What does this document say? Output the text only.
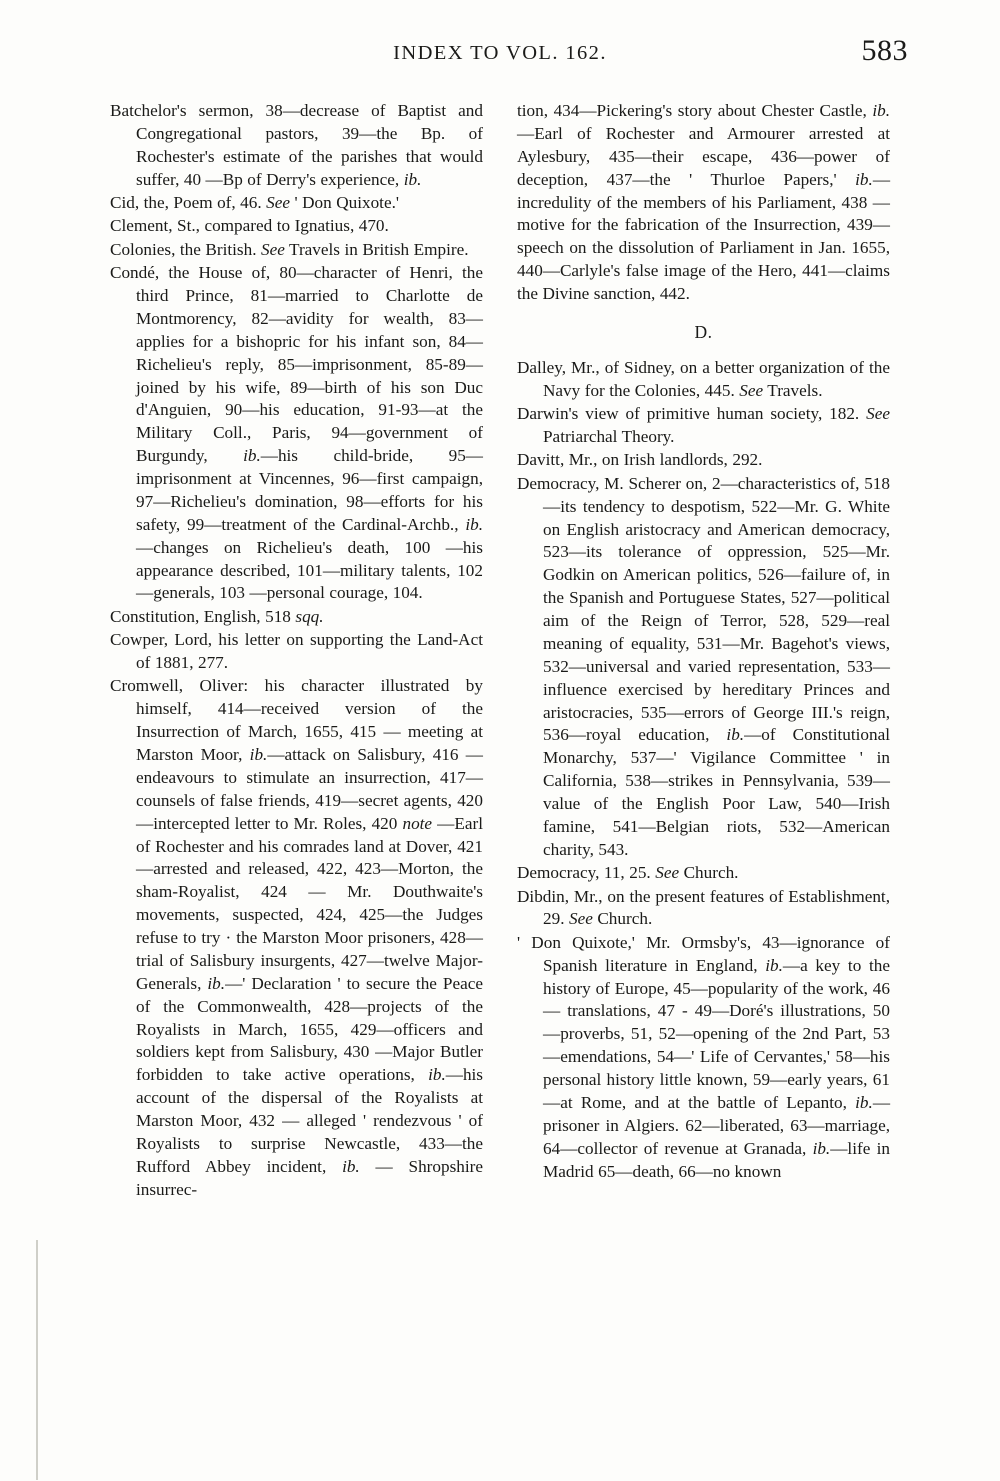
INDEX TO VOL. 162.	583

Batchelor's sermon, 38—decrease of Baptist and Congregational pastors, 39—the Bp. of Rochester's estimate of the parishes that would suffer, 40 —Bp of Derry's experience, ib.

Cid, the, Poem of, 46. See ' Don Quixote.'

Clement, St., compared to Ignatius, 470.

Colonies, the British. See Travels in British Empire.

Condé, the House of, 80—character of Henri, the third Prince, 81—married to Charlotte de Montmorency, 82—avidity for wealth, 83—applies for a bishopric for his infant son, 84—Richelieu's reply, 85—imprisonment, 85-89—joined by his wife, 89—birth of his son Duc d'Anguien, 90—his education, 91-93—at the Military Coll., Paris, 94—government of Burgundy, ib.—his child-bride, 95—imprisonment at Vincennes, 96—first campaign, 97—Richelieu's domination, 98—efforts for his safety, 99—treatment of the Cardinal-Archb., ib. —changes on Richelieu's death, 100 —his appearance described, 101—military talents, 102—generals, 103 —personal courage, 104.

Constitution, English, 518 sqq.

Cowper, Lord, his letter on supporting the Land-Act of 1881, 277.

Cromwell, Oliver: his character illustrated by himself, 414—received version of the Insurrection of March, 1655, 415 — meeting at Marston Moor, ib.—attack on Salisbury, 416 —endeavours to stimulate an insurrection, 417—counsels of false friends, 419—secret agents, 420—intercepted letter to Mr. Roles, 420 note —Earl of Rochester and his comrades land at Dover, 421—arrested and released, 422, 423—Morton, the sham-Royalist, 424 — Mr. Douthwaite's movements, suspected, 424, 425—the Judges refuse to try · the Marston Moor prisoners, 428—trial of Salisbury insurgents, 427—twelve Major-Generals, ib.—' Declaration ' to secure the Peace of the Commonwealth, 428—projects of the Royalists in March, 1655, 429—officers and soldiers kept from Salisbury, 430 —Major Butler forbidden to take active operations, ib.—his account of the dispersal of the Royalists at Marston Moor, 432 — alleged ' rendezvous ' of Royalists to surprise Newcastle, 433—the Rufford Abbey incident, ib. — Shropshire insurrec-

tion, 434—Pickering's story about Chester Castle, ib.—Earl of Rochester and Armourer arrested at Aylesbury, 435—their escape, 436—power of deception, 437—the ' Thurloe Papers,' ib.—incredulity of the members of his Parliament, 438 — motive for the fabrication of the Insurrection, 439—speech on the dissolution of Parliament in Jan. 1655, 440—Carlyle's false image of the Hero, 441—claims the Divine sanction, 442.

D.

Dalley, Mr., of Sidney, on a better organization of the Navy for the Colonies, 445. See Travels.

Darwin's view of primitive human society, 182. See Patriarchal Theory.

Davitt, Mr., on Irish landlords, 292.

Democracy, M. Scherer on, 2—characteristics of, 518—its tendency to despotism, 522—Mr. G. White on English aristocracy and American democracy, 523—its tolerance of oppression, 525—Mr. Godkin on American politics, 526—failure of, in the Spanish and Portuguese States, 527—political aim of the Reign of Terror, 528, 529—real meaning of equality, 531—Mr. Bagehot's views, 532—universal and varied representation, 533—influence exercised by hereditary Princes and aristocracies, 535—errors of George III.'s reign, 536—royal education, ib.—of Constitutional Monarchy, 537—' Vigilance Committee ' in California, 538—strikes in Pennsylvania, 539—value of the English Poor Law, 540—Irish famine, 541—Belgian riots, 532—American charity, 543.

Democracy, 11, 25. See Church.

Dibdin, Mr., on the present features of Establishment, 29. See Church.

' Don Quixote,' Mr. Ormsby's, 43—ignorance of Spanish literature in England, ib.—a key to the history of Europe, 45—popularity of the work, 46 — translations, 47 - 49—Doré's illustrations, 50—proverbs, 51, 52—opening of the 2nd Part, 53 —emendations, 54—' Life of Cervantes,' 58—his personal history little known, 59—early years, 61—at Rome, and at the battle of Lepanto, ib.—prisoner in Algiers. 62—liberated, 63—marriage, 64—collector of revenue at Granada, ib.—life in Madrid 65—death, 66—no known
